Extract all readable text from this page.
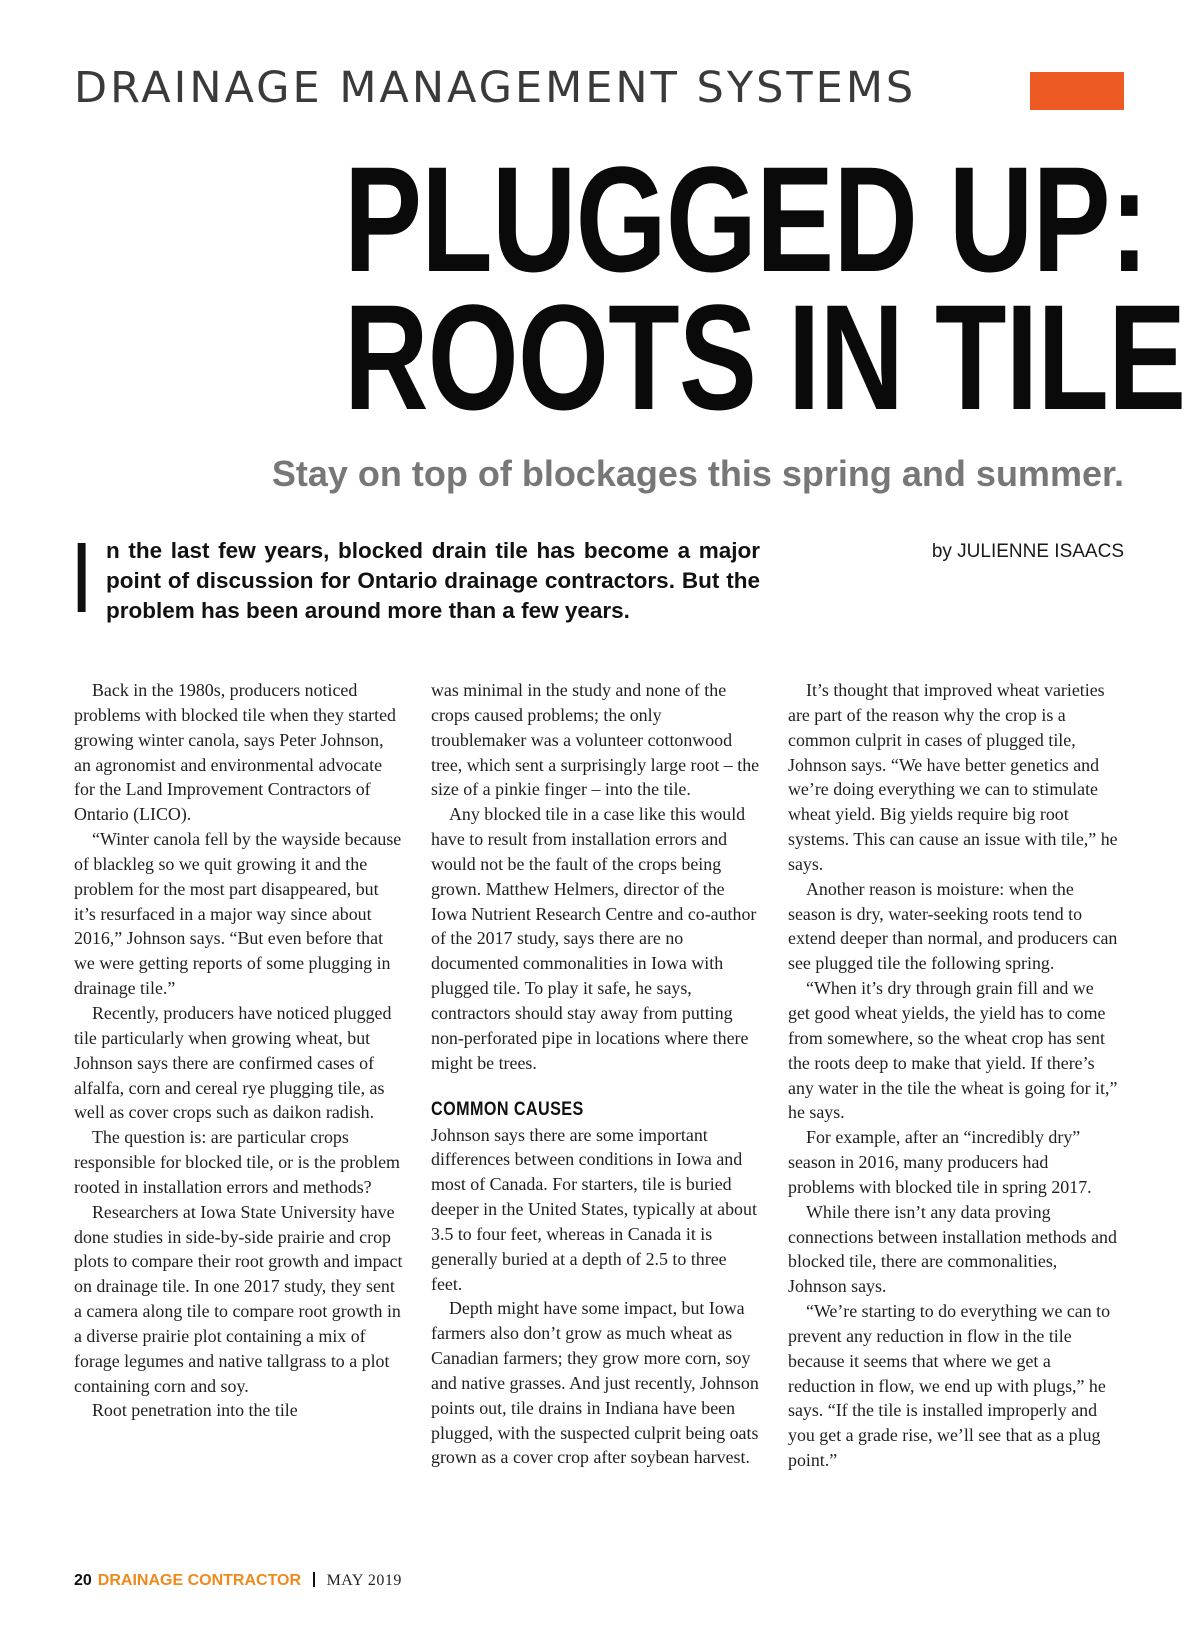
DRAINAGE MANAGEMENT SYSTEMS
PLUGGED UP:
ROOTS IN TILE
Stay on top of blockages this spring and summer.
by JULIENNE ISAACS
In the last few years, blocked drain tile has become a major point of discussion for Ontario drainage contractors. But the problem has been around more than a few years.

Back in the 1980s, producers noticed problems with blocked tile when they started growing winter canola, says Peter Johnson, an agronomist and environmental advocate for the Land Improvement Contractors of Ontario (LICO).

“Winter canola fell by the wayside because of blackleg so we quit growing it and the problem for the most part disappeared, but it’s resurfaced in a major way since about 2016,” Johnson says. “But even before that we were getting reports of some plugging in drainage tile.”

Recently, producers have noticed plugged tile particularly when growing wheat, but Johnson says there are confirmed cases of alfalfa, corn and cereal rye plugging tile, as well as cover crops such as daikon radish.

The question is: are particular crops responsible for blocked tile, or is the problem rooted in installation errors and methods?

Researchers at Iowa State University have done studies in side-by-side prairie and crop plots to compare their root growth and impact on drainage tile. In one 2017 study, they sent a camera along tile to compare root growth in a diverse prairie plot containing a mix of forage legumes and native tallgrass to a plot containing corn and soy.

Root penetration into the tile

was minimal in the study and none of the crops caused problems; the only troublemaker was a volunteer cottonwood tree, which sent a surprisingly large root – the size of a pinkie finger – into the tile.

Any blocked tile in a case like this would have to result from installation errors and would not be the fault of the crops being grown. Matthew Helmers, director of the Iowa Nutrient Research Centre and co-author of the 2017 study, says there are no documented commonalities in Iowa with plugged tile. To play it safe, he says, contractors should stay away from putting non-perforated pipe in locations where there might be trees.

COMMON CAUSES

Johnson says there are some important differences between conditions in Iowa and most of Canada. For starters, tile is buried deeper in the United States, typically at about 3.5 to four feet, whereas in Canada it is generally buried at a depth of 2.5 to three feet.

Depth might have some impact, but Iowa farmers also don’t grow as much wheat as Canadian farmers; they grow more corn, soy and native grasses. And just recently, Johnson points out, tile drains in Indiana have been plugged, with the suspected culprit being oats grown as a cover crop after soybean harvest.

It’s thought that improved wheat varieties are part of the reason why the crop is a common culprit in cases of plugged tile, Johnson says. “We have better genetics and we’re doing everything we can to stimulate wheat yield. Big yields require big root systems. This can cause an issue with tile,” he says.

Another reason is moisture: when the season is dry, water-seeking roots tend to extend deeper than normal, and producers can see plugged tile the following spring.

“When it’s dry through grain fill and we get good wheat yields, the yield has to come from somewhere, so the wheat crop has sent the roots deep to make that yield. If there’s any water in the tile the wheat is going for it,” he says.

For example, after an “incredibly dry” season in 2016, many producers had problems with blocked tile in spring 2017.

While there isn’t any data proving connections between installation methods and blocked tile, there are commonalities, Johnson says.

“We’re starting to do everything we can to prevent any reduction in flow in the tile because it seems that where we get a reduction in flow, we end up with plugs,” he says. “If the tile is installed improperly and you get a grade rise, we’ll see that as a plug point.”

20 DRAINAGE CONTRACTOR MAY 2019
